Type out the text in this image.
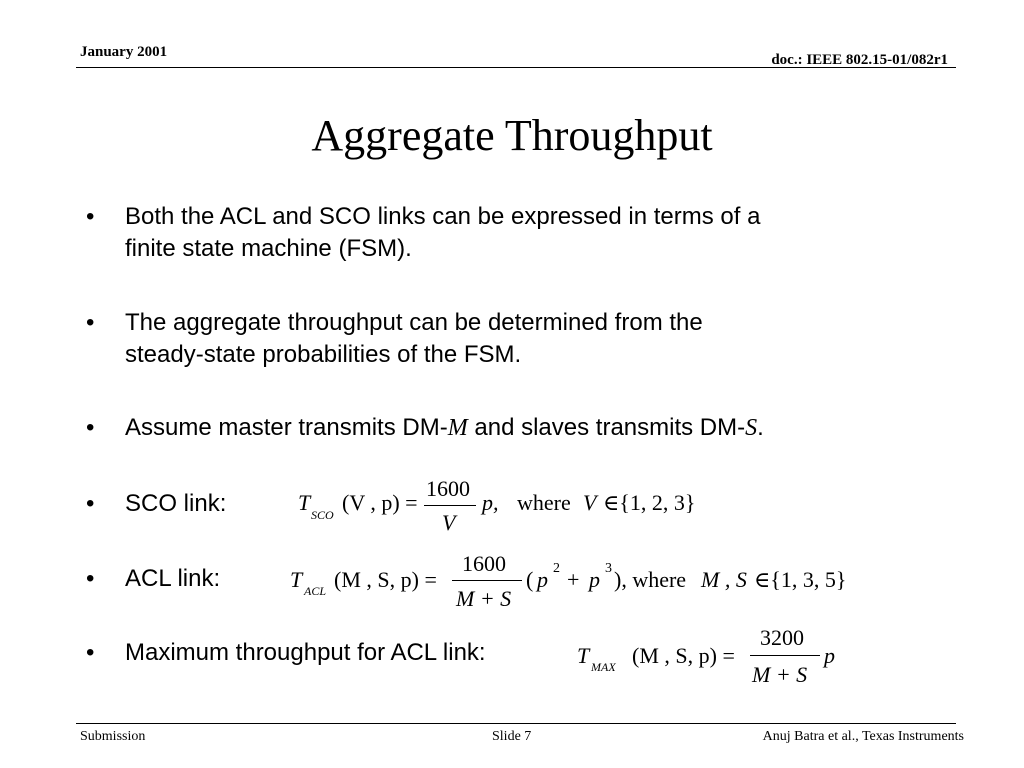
January 2001	doc.: IEEE 802.15-01/082r1
Aggregate Throughput
•	Both the ACL and SCO links can be expressed in terms of a
finite state machine (FSM).
•	The aggregate throughput can be determined from the
steady-state probabilities of the FSM.
•	Assume master transmits DM-M and slaves transmits DM-S.
•	SCO link:
•	ACL link:
•	Maximum throughput for ACL link:
T SCO (V , p) =
1600
V
p, where V ∈{1, 2, 3}
T ACL (M , S, p) =
1600
M + S
( p 2 + p 3 ), where M , S ∈{1, 3, 5}
T MAX (M , S, p) =
3200
M + S
p
Submission	Slide 7	Anuj Batra et al., Texas Instruments
